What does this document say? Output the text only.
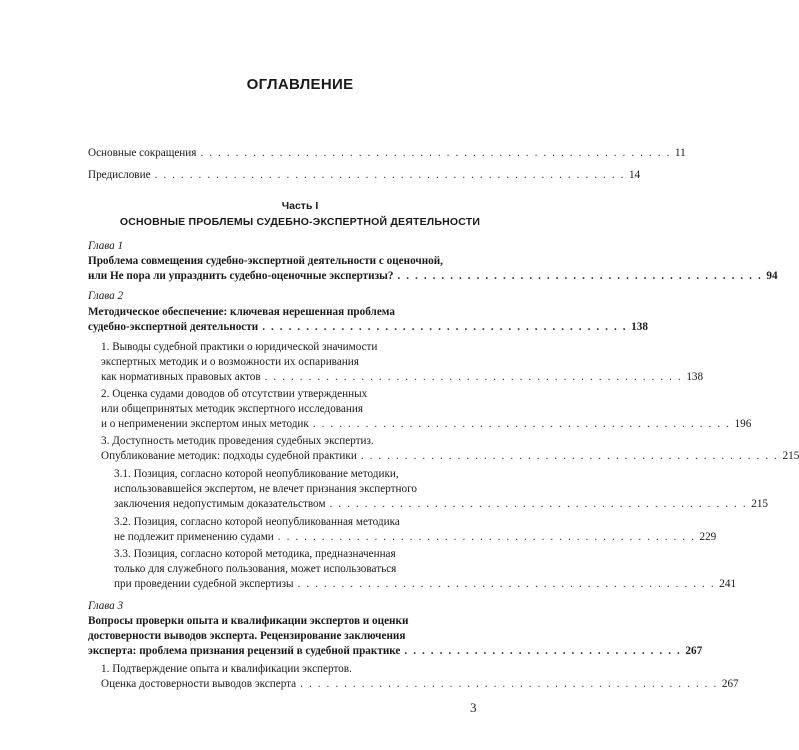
ОГЛАВЛЕНИЕ
Основные сокращения . . . . . . . . . . . . . . . . . . . . . . . . . . . . . . . . . . . . . . . . . . . . . . . . . . . . . . 11
Предисловие . . . . . . . . . . . . . . . . . . . . . . . . . . . . . . . . . . . . . . . . . . . . . . . . . . . . . . 14
Часть I
ОСНОВНЫЕ ПРОБЛЕМЫ СУДЕБНО-ЭКСПЕРТНОЙ ДЕЯТЕЛЬНОСТИ
Глава 1
Проблема совмещения судебно-экспертной деятельности с оценочной,
или Не пора ли упразднить судебно-оценочные экспертизы? . . . . . . . . . . . . . . . . . . . . . . . . . . . . . . . . . . . . . . . . . . 94
Глава 2
Методическое обеспечение: ключевая нерешенная проблема
судебно-экспертной деятельности . . . . . . . . . . . . . . . . . . . . . . . . . . . . . . . . . . . . . . . . . . 138
1. Выводы судебной практики о юридической значимости
экспертных методик и о возможности их оспаривания
как нормативных правовых актов . . . . . . . . . . . . . . . . . . . . . . . . . . . . . . . . . . . . . . . . . . . . . . . . 138
2. Оценка судами доводов об отсутствии утвержденных
или общепринятых методик экспертного исследования
и о неприменении экспертом иных методик . . . . . . . . . . . . . . . . . . . . . . . . . . . . . . . . . . . . . . . . . . . . . . . . 196
3. Доступность методик проведения судебных экспертиз.
Опубликование методик: подходы судебной практики . . . . . . . . . . . . . . . . . . . . . . . . . . . . . . . . . . . . . . . . . . . . . . . . 215
3.1. Позиция, согласно которой неопубликование методики,
использовавшейся экспертом, не влечет признания экспертного
заключения недопустимым доказательством . . . . . . . . . . . . . . . . . . . . . . . . . . . . . . . . . . . . . . . . . . . . . . . . 215
3.2. Позиция, согласно которой неопубликованная методика
не подлежит применению судами . . . . . . . . . . . . . . . . . . . . . . . . . . . . . . . . . . . . . . . . . . . . . . . . 229
3.3. Позиция, согласно которой методика, предназначенная
только для служебного пользования, может использоваться
при проведении судебной экспертизы . . . . . . . . . . . . . . . . . . . . . . . . . . . . . . . . . . . . . . . . . . . . . . . . 241
Глава 3
Вопросы проверки опыта и квалификации экспертов и оценки
достоверности выводов эксперта. Рецензирование заключения
эксперта: проблема признания рецензий в судебной практике . . . . . . . . . . . . . . . . . . . . . . . . . . . . . . . . 267
1. Подтверждение опыта и квалификации экспертов.
Оценка достоверности выводов эксперта . . . . . . . . . . . . . . . . . . . . . . . . . . . . . . . . . . . . . . . . . . . . . . . . 267
3
